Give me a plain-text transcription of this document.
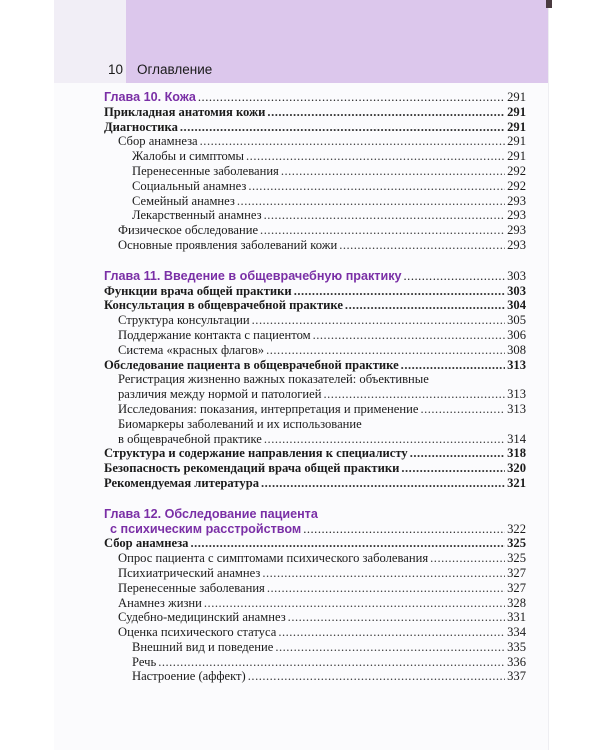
10 Оглавление
Глава 10. Кожа .....	291
Прикладная анатомия кожи .....	291
Диагностика .....	291
Сбор анамнеза .....	291
Жалобы и симптомы .....	291
Перенесенные заболевания .....	292
Социальный анамнез .....	292
Семейный анамнез .....	293
Лекарственный анамнез .....	293
Физическое обследование .....	293
Основные проявления заболеваний кожи .....	293
Глава 11. Введение в общеврачебную практику .....	303
Функции врача общей практики .....	303
Консультация в общеврачебной практике .....	304
Структура консультации .....	305
Поддержание контакта с пациентом .....	306
Система «красных флагов» .....	308
Обследование пациента в общеврачебной практике .....	313
Регистрация жизненно важных показателей: объективные
различия между нормой и патологией .....	313
Исследования: показания, интерпретация и применение .....	313
Биомаркеры заболеваний и их использование
в общеврачебной практике .....	314
Структура и содержание направления к специалисту .....	318
Безопасность рекомендаций врача общей практики .....	320
Рекомендуемая литература .....	321
Глава 12. Обследование пациента
с психическим расстройством .....	322
Сбор анамнеза .....	325
Опрос пациента с симптомами психического заболевания .....	325
Психиатрический анамнез .....	327
Перенесенные заболевания .....	327
Анамнез жизни .....	328
Судебно-медицинский анамнез .....	331
Оценка психического статуса .....	334
Внешний вид и поведение .....	335
Речь .....	336
Настроение (аффект) .....	337
